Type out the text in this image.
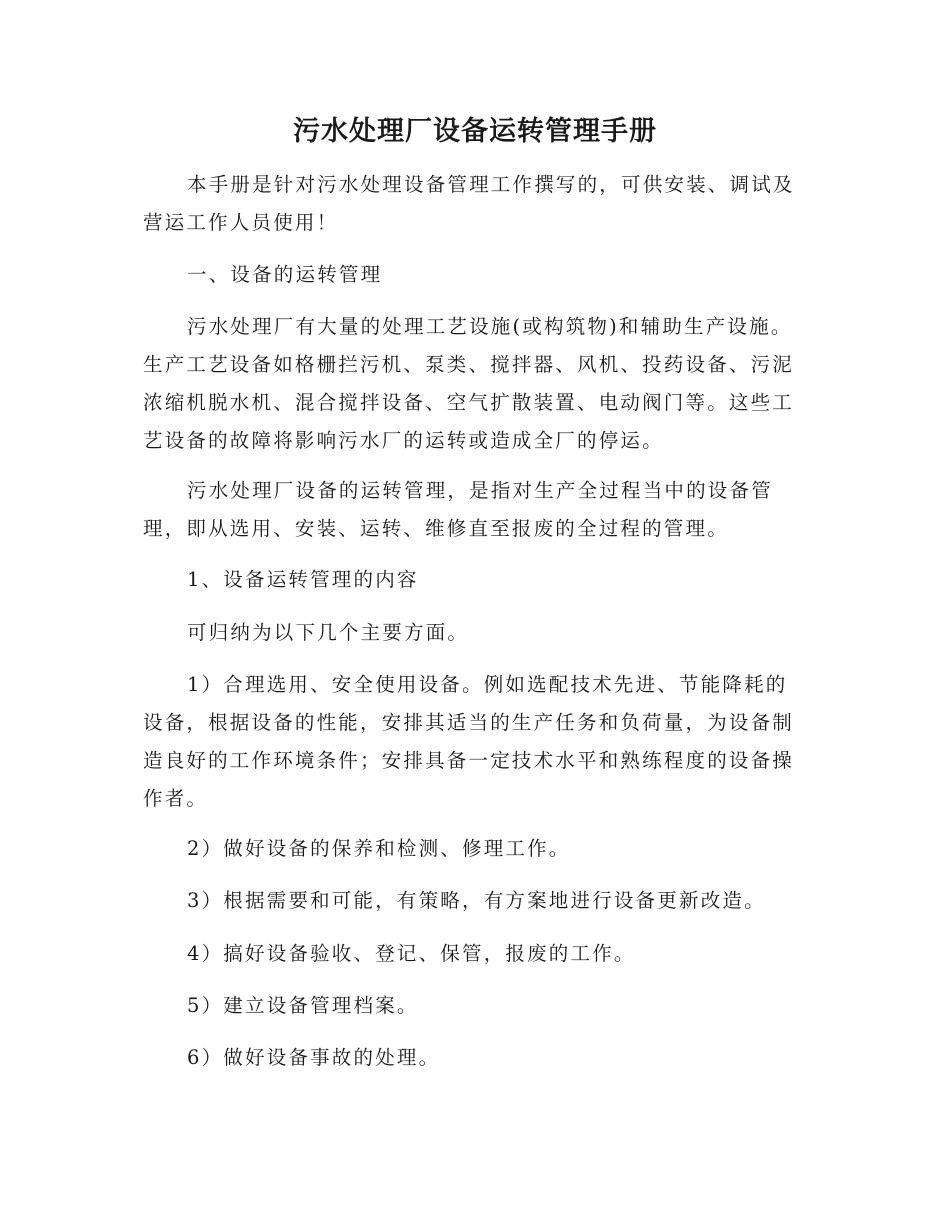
污水处理厂设备运转管理手册

本手册是针对污水处理设备管理工作撰写的，可供安装、调试及营运工作人员使用！

一、设备的运转管理

污水处理厂有大量的处理工艺设施(或构筑物)和辅助生产设施。生产工艺设备如格栅拦污机、泵类、搅拌器、风机、投药设备、污泥浓缩机脱水机、混合搅拌设备、空气扩散装置、电动阀门等。这些工艺设备的故障将影响污水厂的运转或造成全厂的停运。

污水处理厂设备的运转管理，是指对生产全过程当中的设备管理，即从选用、安装、运转、维修直至报废的全过程的管理。

1、设备运转管理的内容

可归纳为以下几个主要方面。

1）合理选用、安全使用设备。例如选配技术先进、节能降耗的设备，根据设备的性能，安排其适当的生产任务和负荷量，为设备制造良好的工作环境条件；安排具备一定技术水平和熟练程度的设备操作者。

2）做好设备的保养和检测、修理工作。

3）根据需要和可能，有策略，有方案地进行设备更新改造。

4）搞好设备验收、登记、保管，报废的工作。

5）建立设备管理档案。

6）做好设备事故的处理。
